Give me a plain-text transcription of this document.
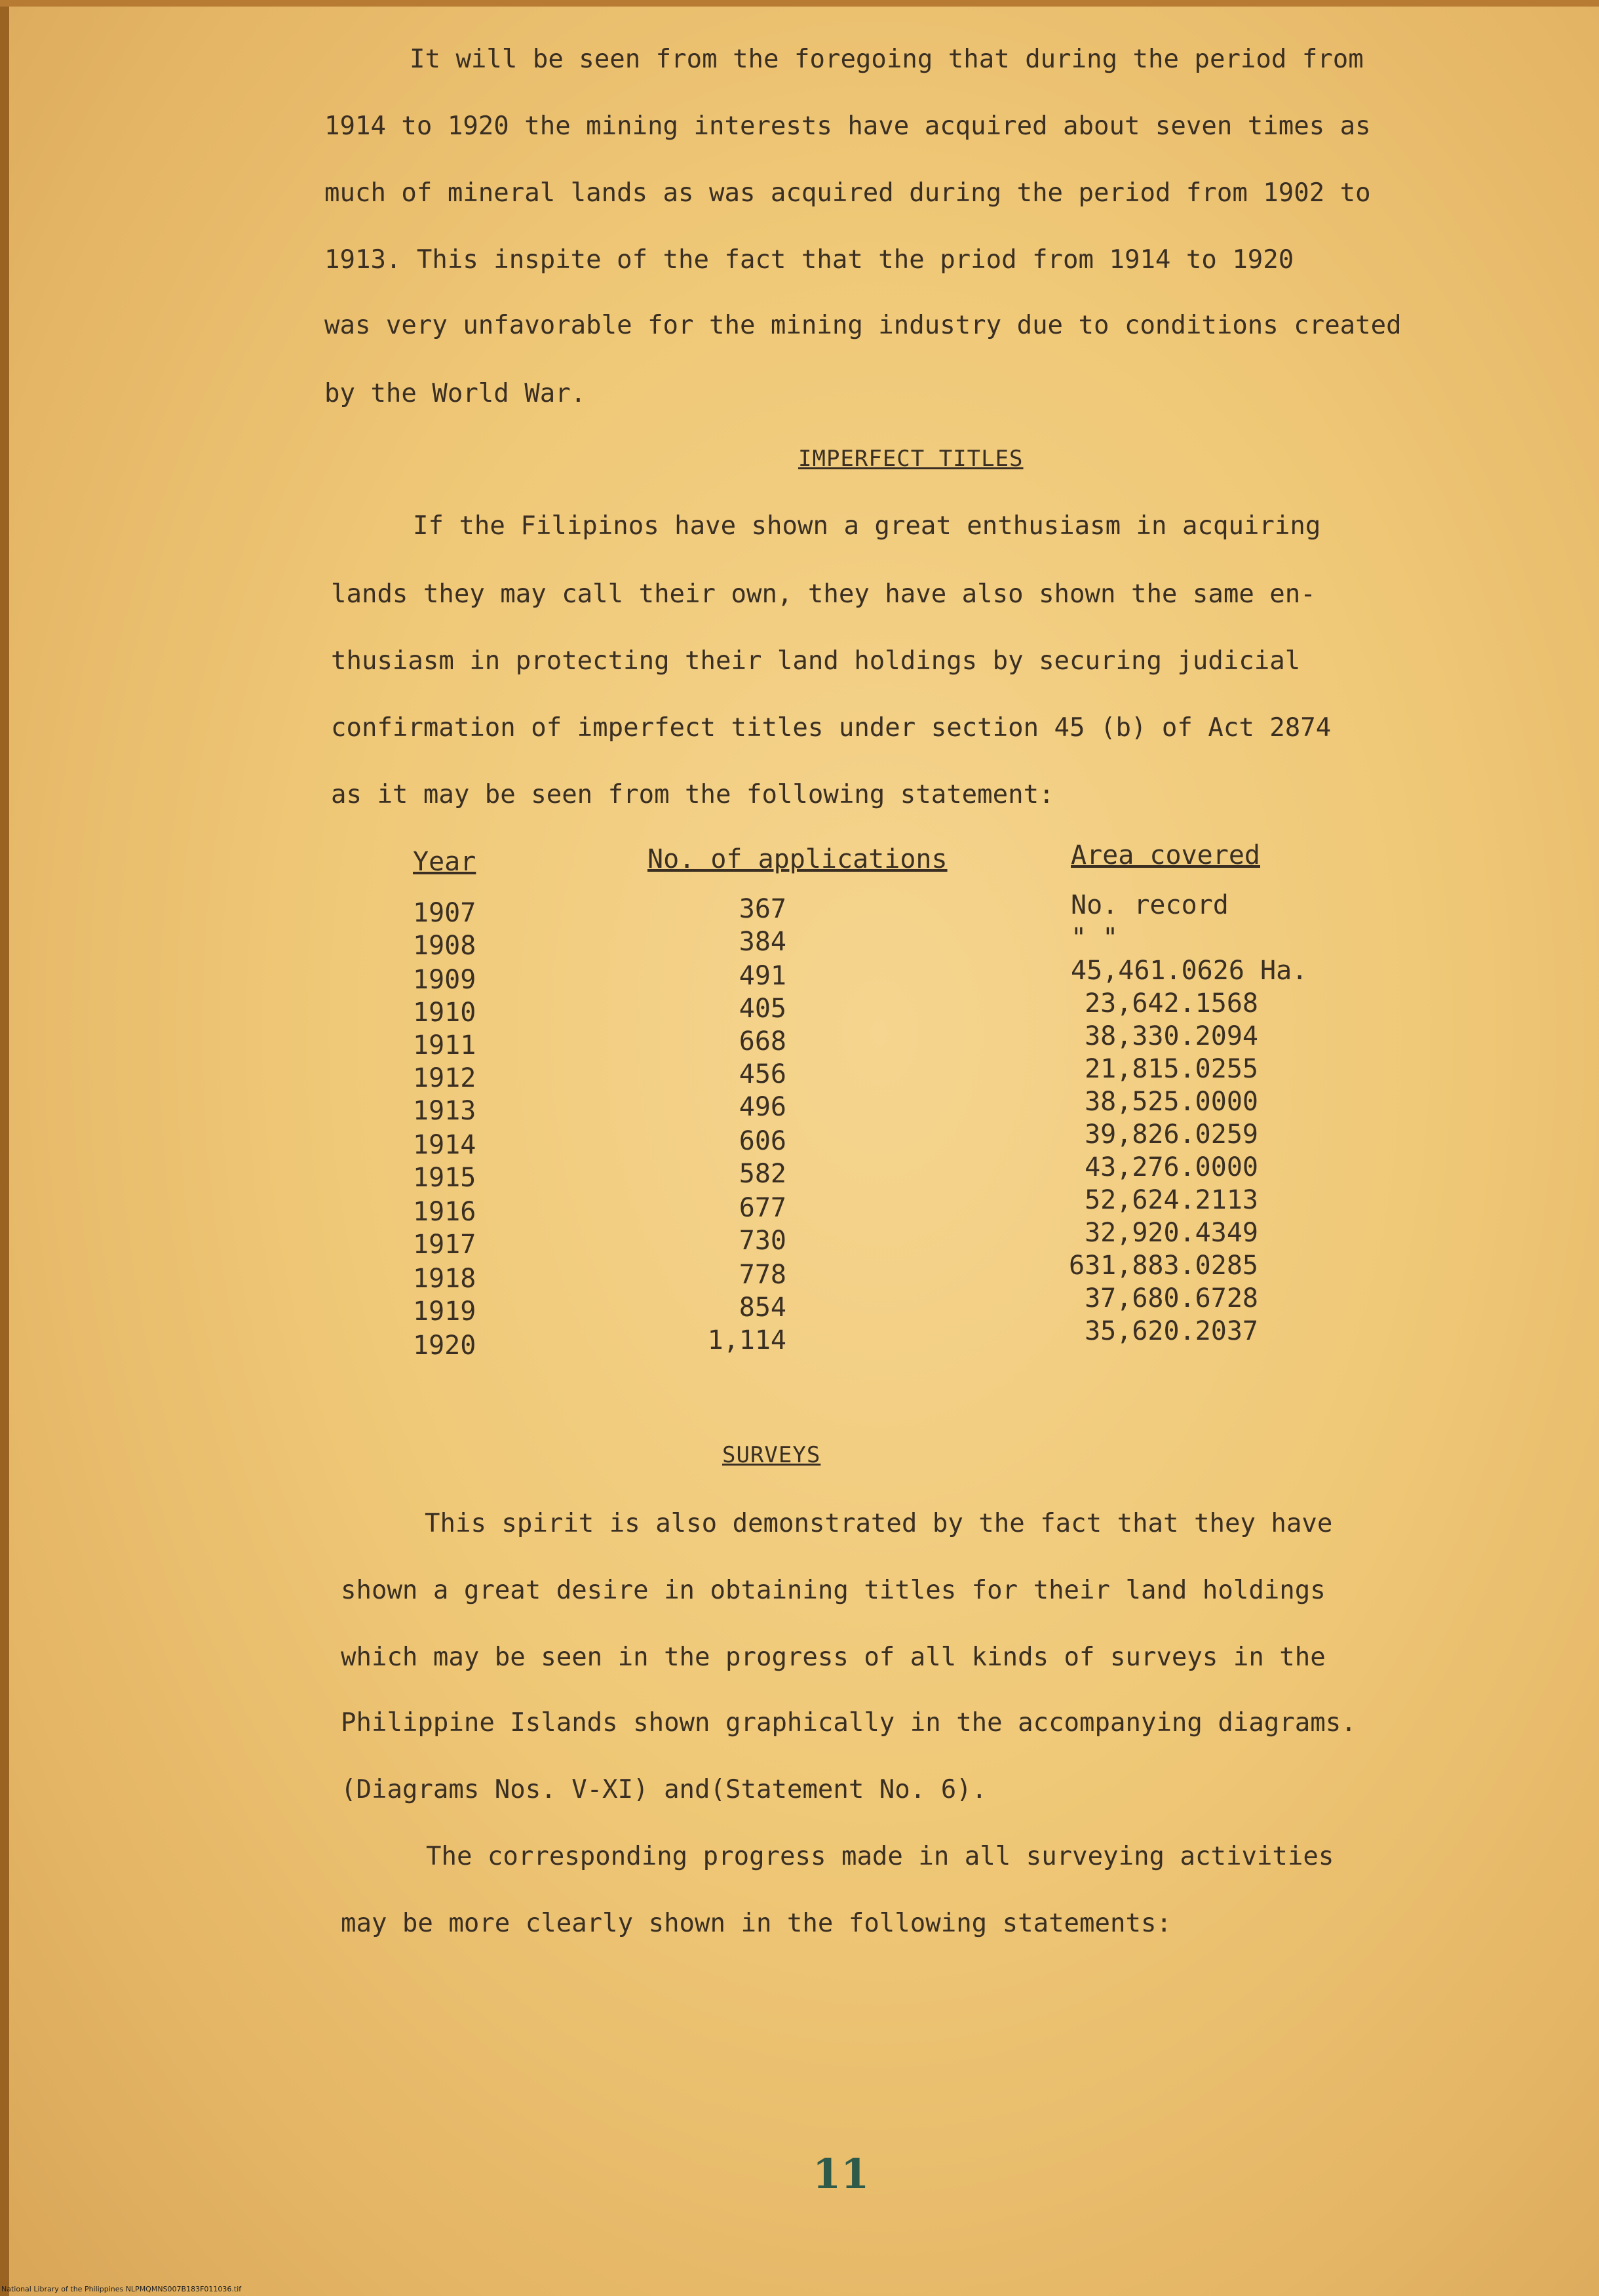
It will be seen from the foregoing that during the period from
1914 to 1920 the mining interests have acquired about seven times as
much of mineral lands as was acquired during the period from 1902 to
1913. This inspite of the fact that the priod from 1914 to 1920
was very unfavorable for the mining industry due to conditions created
by the World War.
IMPERFECT TITLES
If the Filipinos have shown a great enthusiasm in acquiring
lands they may call their own, they have also shown the same en-
thusiasm in protecting their land holdings by securing judicial
confirmation of imperfect titles under section 45 (b) of Act 2874
as it may be seen from the following statement:
Year	No. of applications	Area covered
1907	367	No. record
1908	384	" "
1909	491	45,461.0626 Ha.
1910	405	23,642.1568
1911	668	38,330.2094
1912	456	21,815.0255
1913	496	38,525.0000
1914	606	39,826.0259
1915	582	43,276.0000
1916	677	52,624.2113
1917	730	32,920.4349
1918	778	631,883.0285
1919	854	37,680.6728
1920	1,114	35,620.2037
SURVEYS
This spirit is also demonstrated by the fact that they have
shown a great desire in obtaining titles for their land holdings
which may be seen in the progress of all kinds of surveys in the
Philippine Islands shown graphically in the accompanying diagrams.
(Diagrams Nos. V-XI) and(Statement No. 6).
The corresponding progress made in all surveying activities
may be more clearly shown in the following statements:
11
National Library of the Philippines NLPMQMNS007B183F011036.tif
